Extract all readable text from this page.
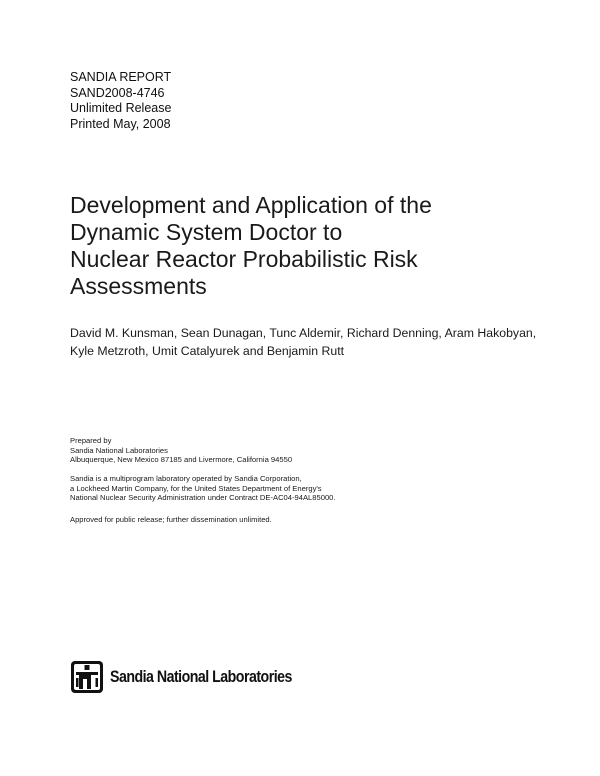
SANDIA REPORT
SAND2008-4746
Unlimited Release
Printed May, 2008
Development and Application of the
Dynamic System Doctor to
Nuclear Reactor Probabilistic Risk
Assessments
David M. Kunsman, Sean Dunagan, Tunc Aldemir, Richard Denning, Aram Hakobyan,
Kyle Metzroth, Umit Catalyurek and Benjamin Rutt
Prepared by
Sandia National Laboratories
Albuquerque, New Mexico 87185 and Livermore, California 94550
Sandia is a multiprogram laboratory operated by Sandia Corporation,
a Lockheed Martin Company, for the United States Department of Energy's
National Nuclear Security Administration under Contract DE-AC04-94AL85000.
Approved for public release; further dissemination unlimited.
Sandia National Laboratories
